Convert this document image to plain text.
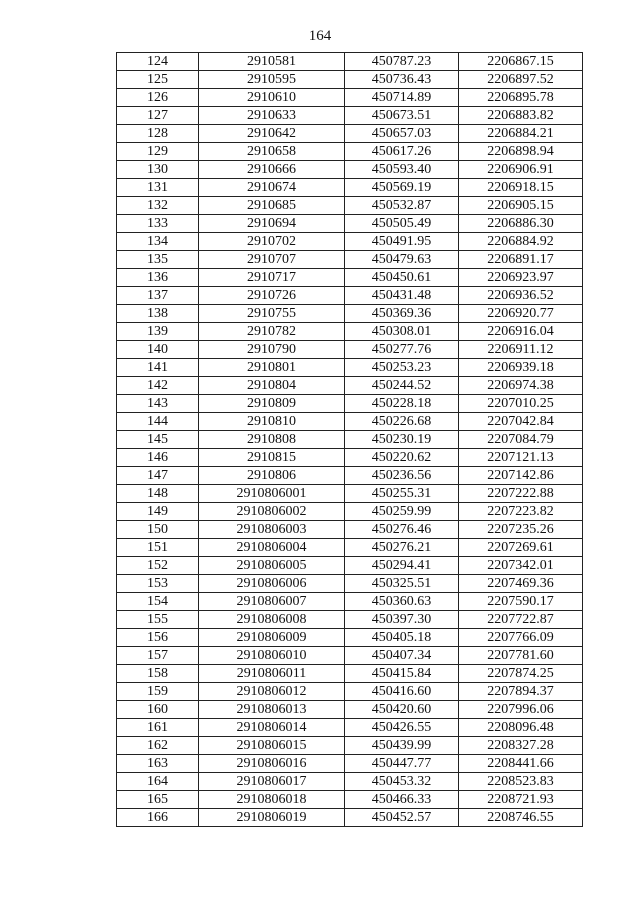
164
124	2910581	450787.23	2206867.15
125	2910595	450736.43	2206897.52
126	2910610	450714.89	2206895.78
127	2910633	450673.51	2206883.82
128	2910642	450657.03	2206884.21
129	2910658	450617.26	2206898.94
130	2910666	450593.40	2206906.91
131	2910674	450569.19	2206918.15
132	2910685	450532.87	2206905.15
133	2910694	450505.49	2206886.30
134	2910702	450491.95	2206884.92
135	2910707	450479.63	2206891.17
136	2910717	450450.61	2206923.97
137	2910726	450431.48	2206936.52
138	2910755	450369.36	2206920.77
139	2910782	450308.01	2206916.04
140	2910790	450277.76	2206911.12
141	2910801	450253.23	2206939.18
142	2910804	450244.52	2206974.38
143	2910809	450228.18	2207010.25
144	2910810	450226.68	2207042.84
145	2910808	450230.19	2207084.79
146	2910815	450220.62	2207121.13
147	2910806	450236.56	2207142.86
148	2910806001	450255.31	2207222.88
149	2910806002	450259.99	2207223.82
150	2910806003	450276.46	2207235.26
151	2910806004	450276.21	2207269.61
152	2910806005	450294.41	2207342.01
153	2910806006	450325.51	2207469.36
154	2910806007	450360.63	2207590.17
155	2910806008	450397.30	2207722.87
156	2910806009	450405.18	2207766.09
157	2910806010	450407.34	2207781.60
158	2910806011	450415.84	2207874.25
159	2910806012	450416.60	2207894.37
160	2910806013	450420.60	2207996.06
161	2910806014	450426.55	2208096.48
162	2910806015	450439.99	2208327.28
163	2910806016	450447.77	2208441.66
164	2910806017	450453.32	2208523.83
165	2910806018	450466.33	2208721.93
166	2910806019	450452.57	2208746.55
